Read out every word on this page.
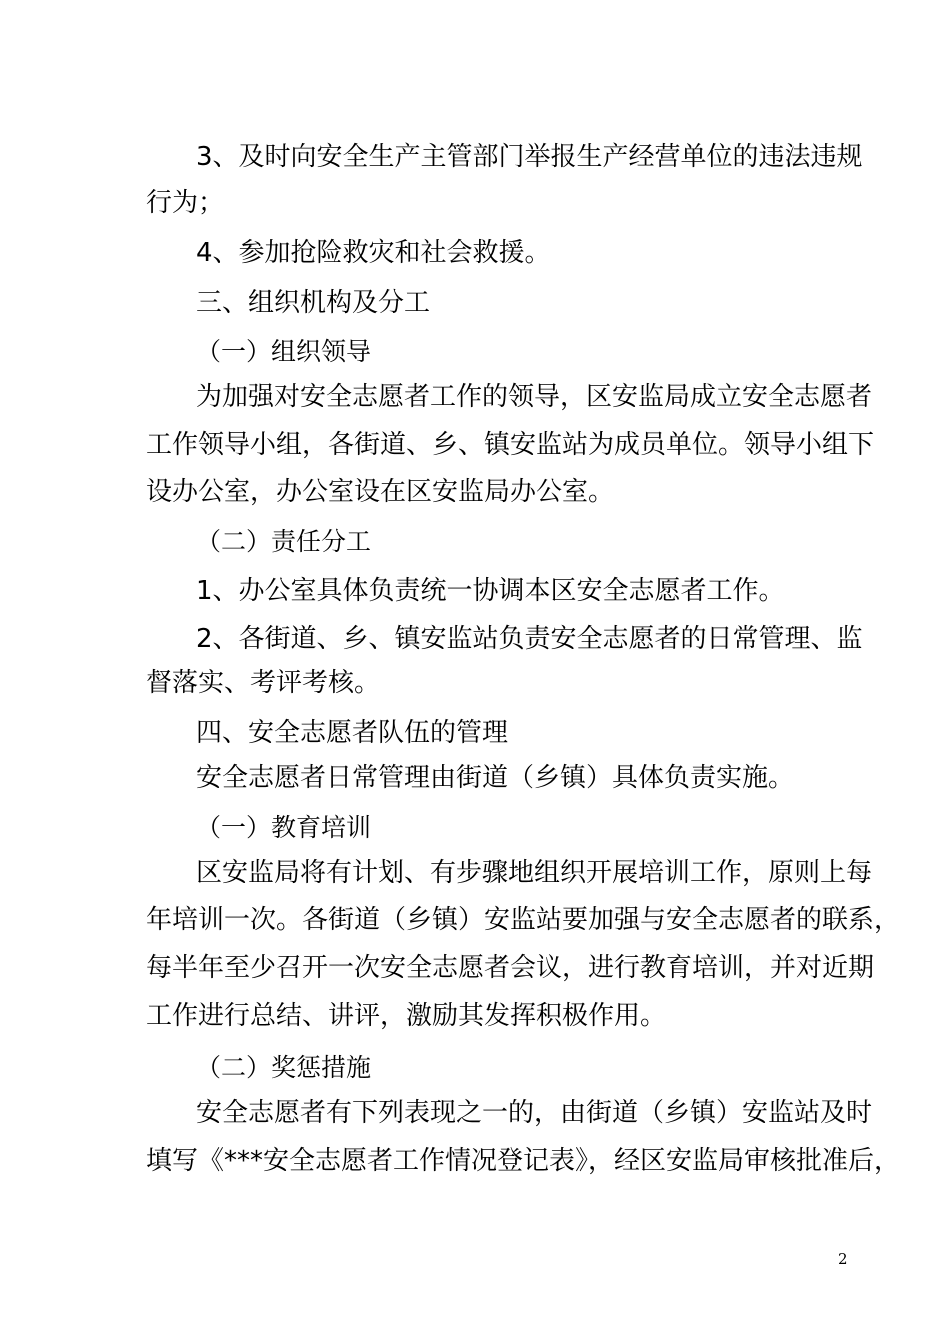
3、及时向安全生产主管部门举报生产经营单位的违法违规
行为；
4、参加抢险救灾和社会救援。
三、组织机构及分工
（一）组织领导
为加强对安全志愿者工作的领导，区安监局成立安全志愿者
工作领导小组，各街道、乡、镇安监站为成员单位。领导小组下
设办公室，办公室设在区安监局办公室。
（二）责任分工
1、办公室具体负责统一协调本区安全志愿者工作。
2、各街道、乡、镇安监站负责安全志愿者的日常管理、监
督落实、考评考核。
四、安全志愿者队伍的管理
安全志愿者日常管理由街道（乡镇）具体负责实施。
（一）教育培训
区安监局将有计划、有步骤地组织开展培训工作，原则上每
年培训一次。各街道（乡镇）安监站要加强与安全志愿者的联系，
每半年至少召开一次安全志愿者会议，进行教育培训，并对近期
工作进行总结、讲评，激励其发挥积极作用。
（二）奖惩措施
安全志愿者有下列表现之一的，由街道（乡镇）安监站及时
填写《***安全志愿者工作情况登记表》，经区安监局审核批准后，
2
